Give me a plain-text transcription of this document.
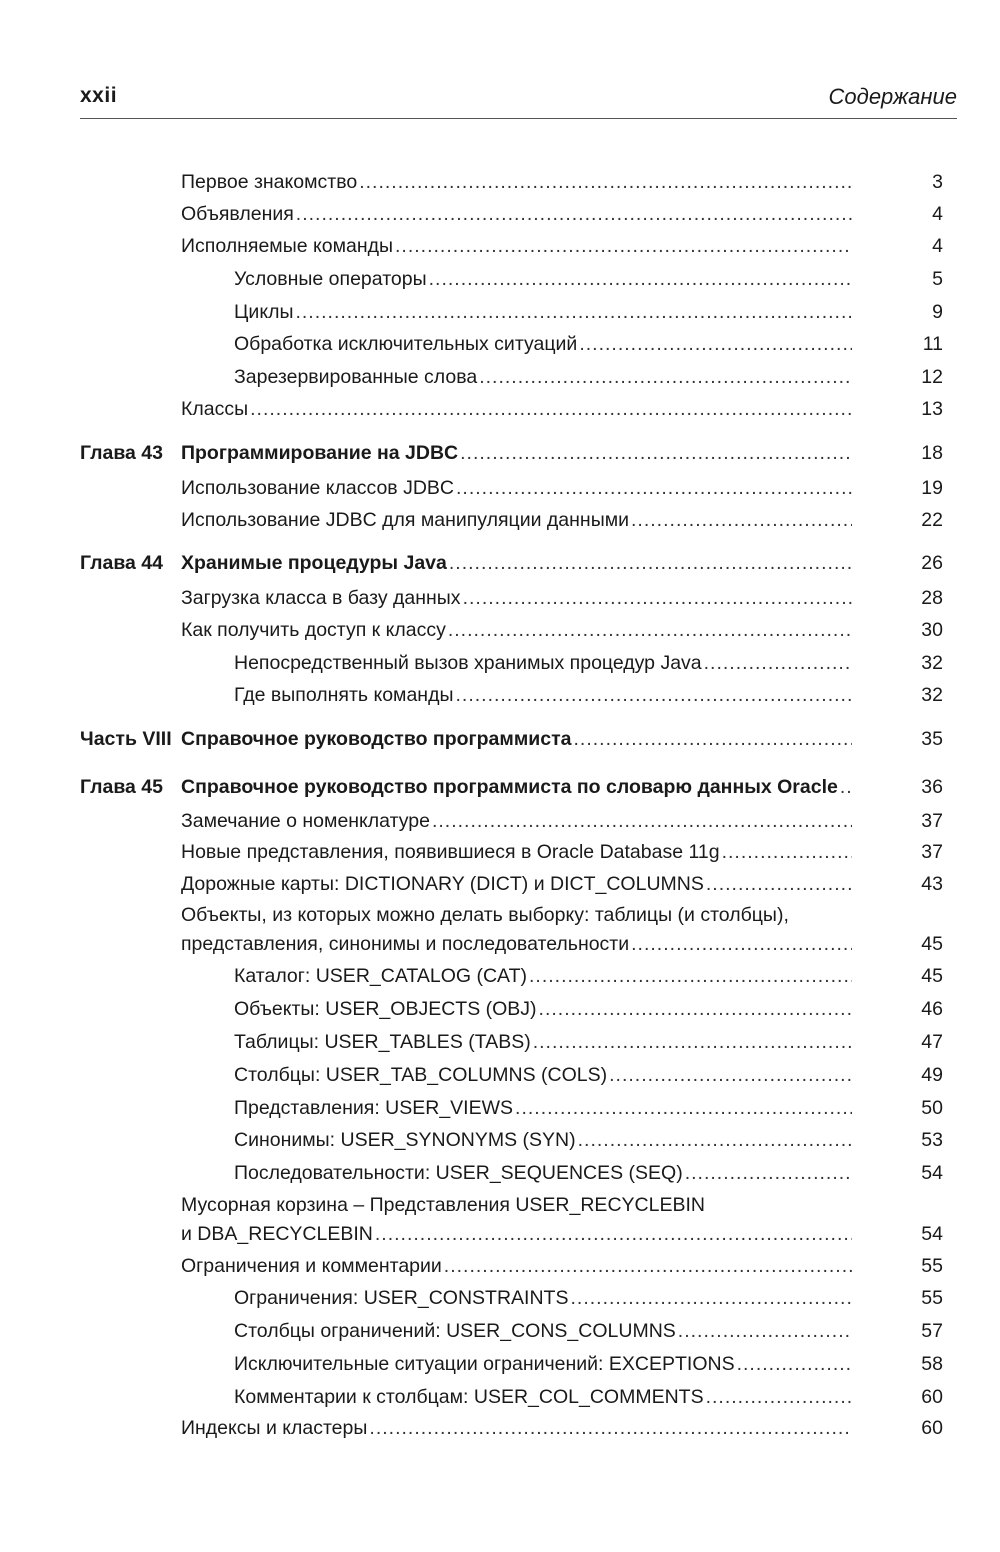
xxii	Содержание
Первое знакомство .....	3
Объявления .....	4
Исполняемые команды .....	4
Условные операторы .....	5
Циклы .....	9
Обработка исключительных ситуаций .....	11
Зарезервированные слова .....	12
Классы .....	13
Глава 43 Программирование на JDBC .....	18
Использование классов JDBC .....	19
Использование JDBC для манипуляции данными .....	22
Глава 44 Хранимые процедуры Java .....	26
Загрузка класса в базу данных .....	28
Как получить доступ к классу .....	30
Непосредственный вызов хранимых процедур Java .....	32
Где выполнять команды .....	32
Часть VIII Справочное руководство программиста .....	35
Глава 45 Справочное руководство программиста по словарю данных Oracle .....	36
Замечание о номенклатуре .....	37
Новые представления, появившиеся в Oracle Database 11g .....	37
Дорожные карты: DICTIONARY (DICT) и DICT_COLUMNS .....	43
Объекты, из которых можно делать выборку: таблицы (и столбцы),
представления, синонимы и последовательности .....	45
Каталог: USER_CATALOG (CAT) .....	45
Объекты: USER_OBJECTS (OBJ) .....	46
Таблицы: USER_TABLES (TABS) .....	47
Столбцы: USER_TAB_COLUMNS (COLS) .....	49
Представления: USER_VIEWS .....	50
Синонимы: USER_SYNONYMS (SYN) .....	53
Последовательности: USER_SEQUENCES (SEQ) .....	54
Мусорная корзина – Представления USER_RECYCLEBIN
и DBA_RECYCLEBIN .....	54
Ограничения и комментарии .....	55
Ограничения: USER_CONSTRAINTS .....	55
Столбцы ограничений: USER_CONS_COLUMNS .....	57
Исключительные ситуации ограничений: EXCEPTIONS .....	58
Комментарии к столбцам: USER_COL_COMMENTS .....	60
Индексы и кластеры .....	60
